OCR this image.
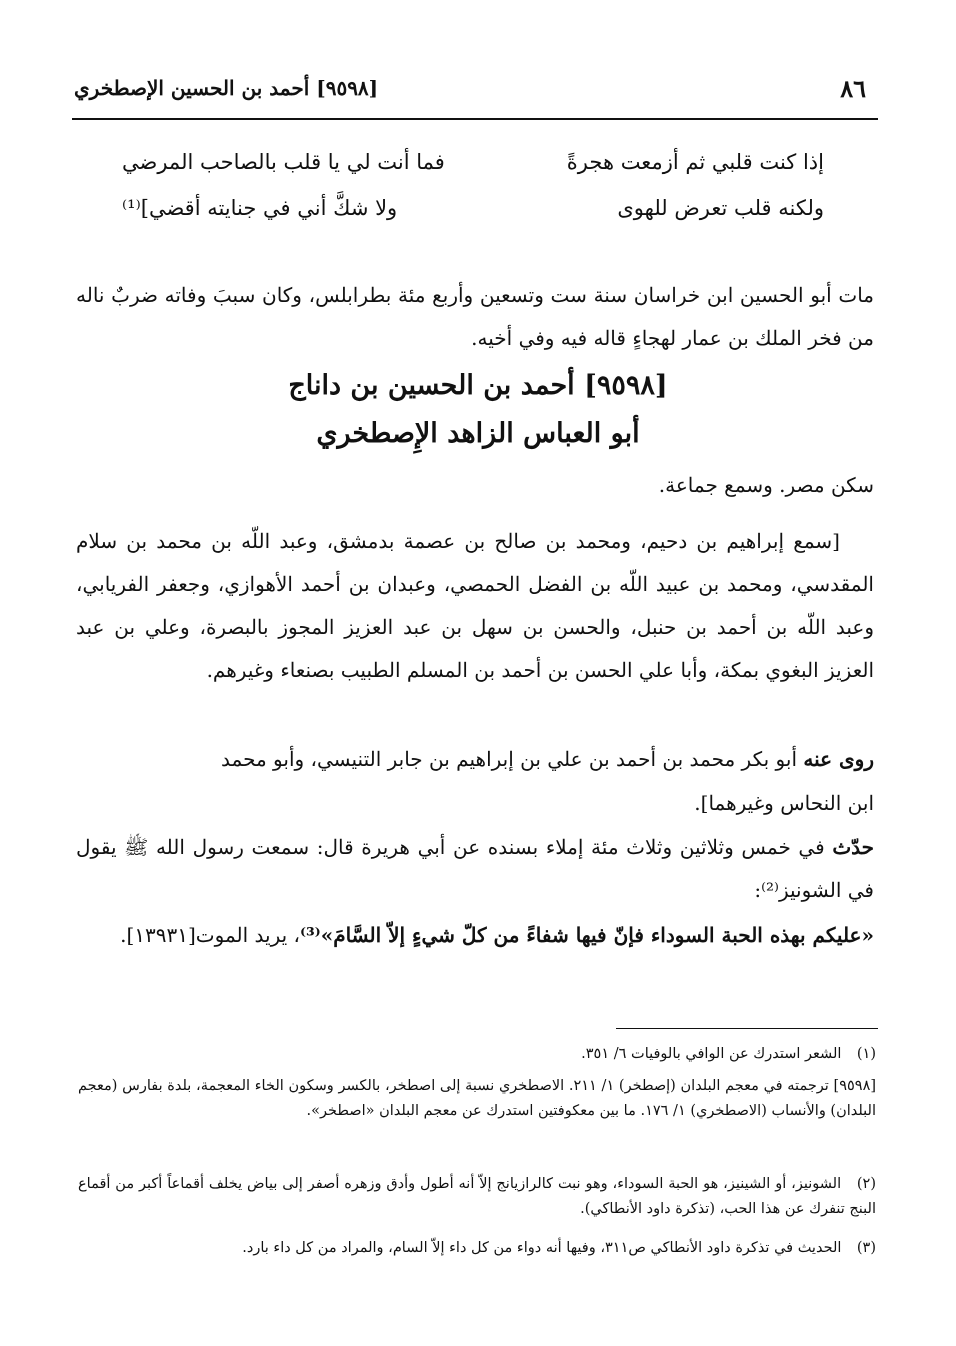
٨٦
[٩٥٩٨] أحمد بن الحسين الإصطخري
إذا كنت قلبي ثم أزمعت هجرةً
فما أنت لي يا قلب بالصاحب المرضي
ولكنه قلب تعرض للهوى
ولا شكَّ أني في جنايته أقضي]⁽¹⁾

مات أبو الحسين ابن خراسان سنة ست وتسعين وأربع مئة بطرابلس، وكان سببَ وفاته ضربٌ ناله من فخر الملك بن عمار لهجاءٍ قاله فيه وفي أخيه.

[٩٥٩٨] أحمد بن الحسين بن داناج
أبو العباس الزاهد الإِصطخري

سكن مصر. وسمع جماعة.

[سمع إبراهيم بن دحيم، ومحمد بن صالح بن عصمة بدمشق، وعبد اللّه بن محمد بن سلام المقدسي، ومحمد بن عبيد اللّه بن الفضل الحمصي، وعبدان بن أحمد الأهوازي، وجعفر الفريابي، وعبد اللّه بن أحمد بن حنبل، والحسن بن سهل بن عبد العزيز المجوز بالبصرة، وعلي بن عبد العزيز البغوي بمكة، وأبا علي الحسن بن أحمد بن المسلم الطبيب بصنعاء وغيرهم.

روى عنه أبو بكر محمد بن أحمد بن علي بن إبراهيم بن جابر التنيسي، وأبو محمد

ابن النحاس وغيرهما].

حدّث في خمس وثلاثين وثلاث مئة إملاء بسنده عن أبي هريرة قال: سمعت رسول الله ﷺ يقول في الشونيز⁽²⁾:

«عليكم بهذه الحبة السوداء فإنّ فيها شفاءً من كلّ شيءٍ إلاّ السَّامَ»⁽³⁾، يريد الموت[١٣٩٣١].

(١) الشعر استدرك عن الوافي بالوفيات ٦/ ٣٥١.
[٩٥٩٨] ترجمته في معجم البلدان (إصطخر) ١/ ٢١١. الاصطخري نسبة إلى اصطخر، بالكسر وسكون الخاء المعجمة، بلدة بفارس (معجم البلدان) والأنساب (الاصطخري) ١/ ١٧٦. ما بين معكوفتين استدرك عن معجم البلدان «اصطخر».
(٢) الشونيز، أو الشينيز، هو الحبة السوداء، وهو نبت كالرازيانج إلاّ أنه أطول وأدق وزهره أصفر إلى بياض يخلف أقماعاً أكبر من أقماع البنج تنفرك عن هذا الحب، (تذكرة داود الأنطاكي).
(٣) الحديث في تذكرة داود الأنطاكي ص٣١١، وفيها أنه دواء من كل داء إلاّ السام، والمراد من كل داء بارد.
